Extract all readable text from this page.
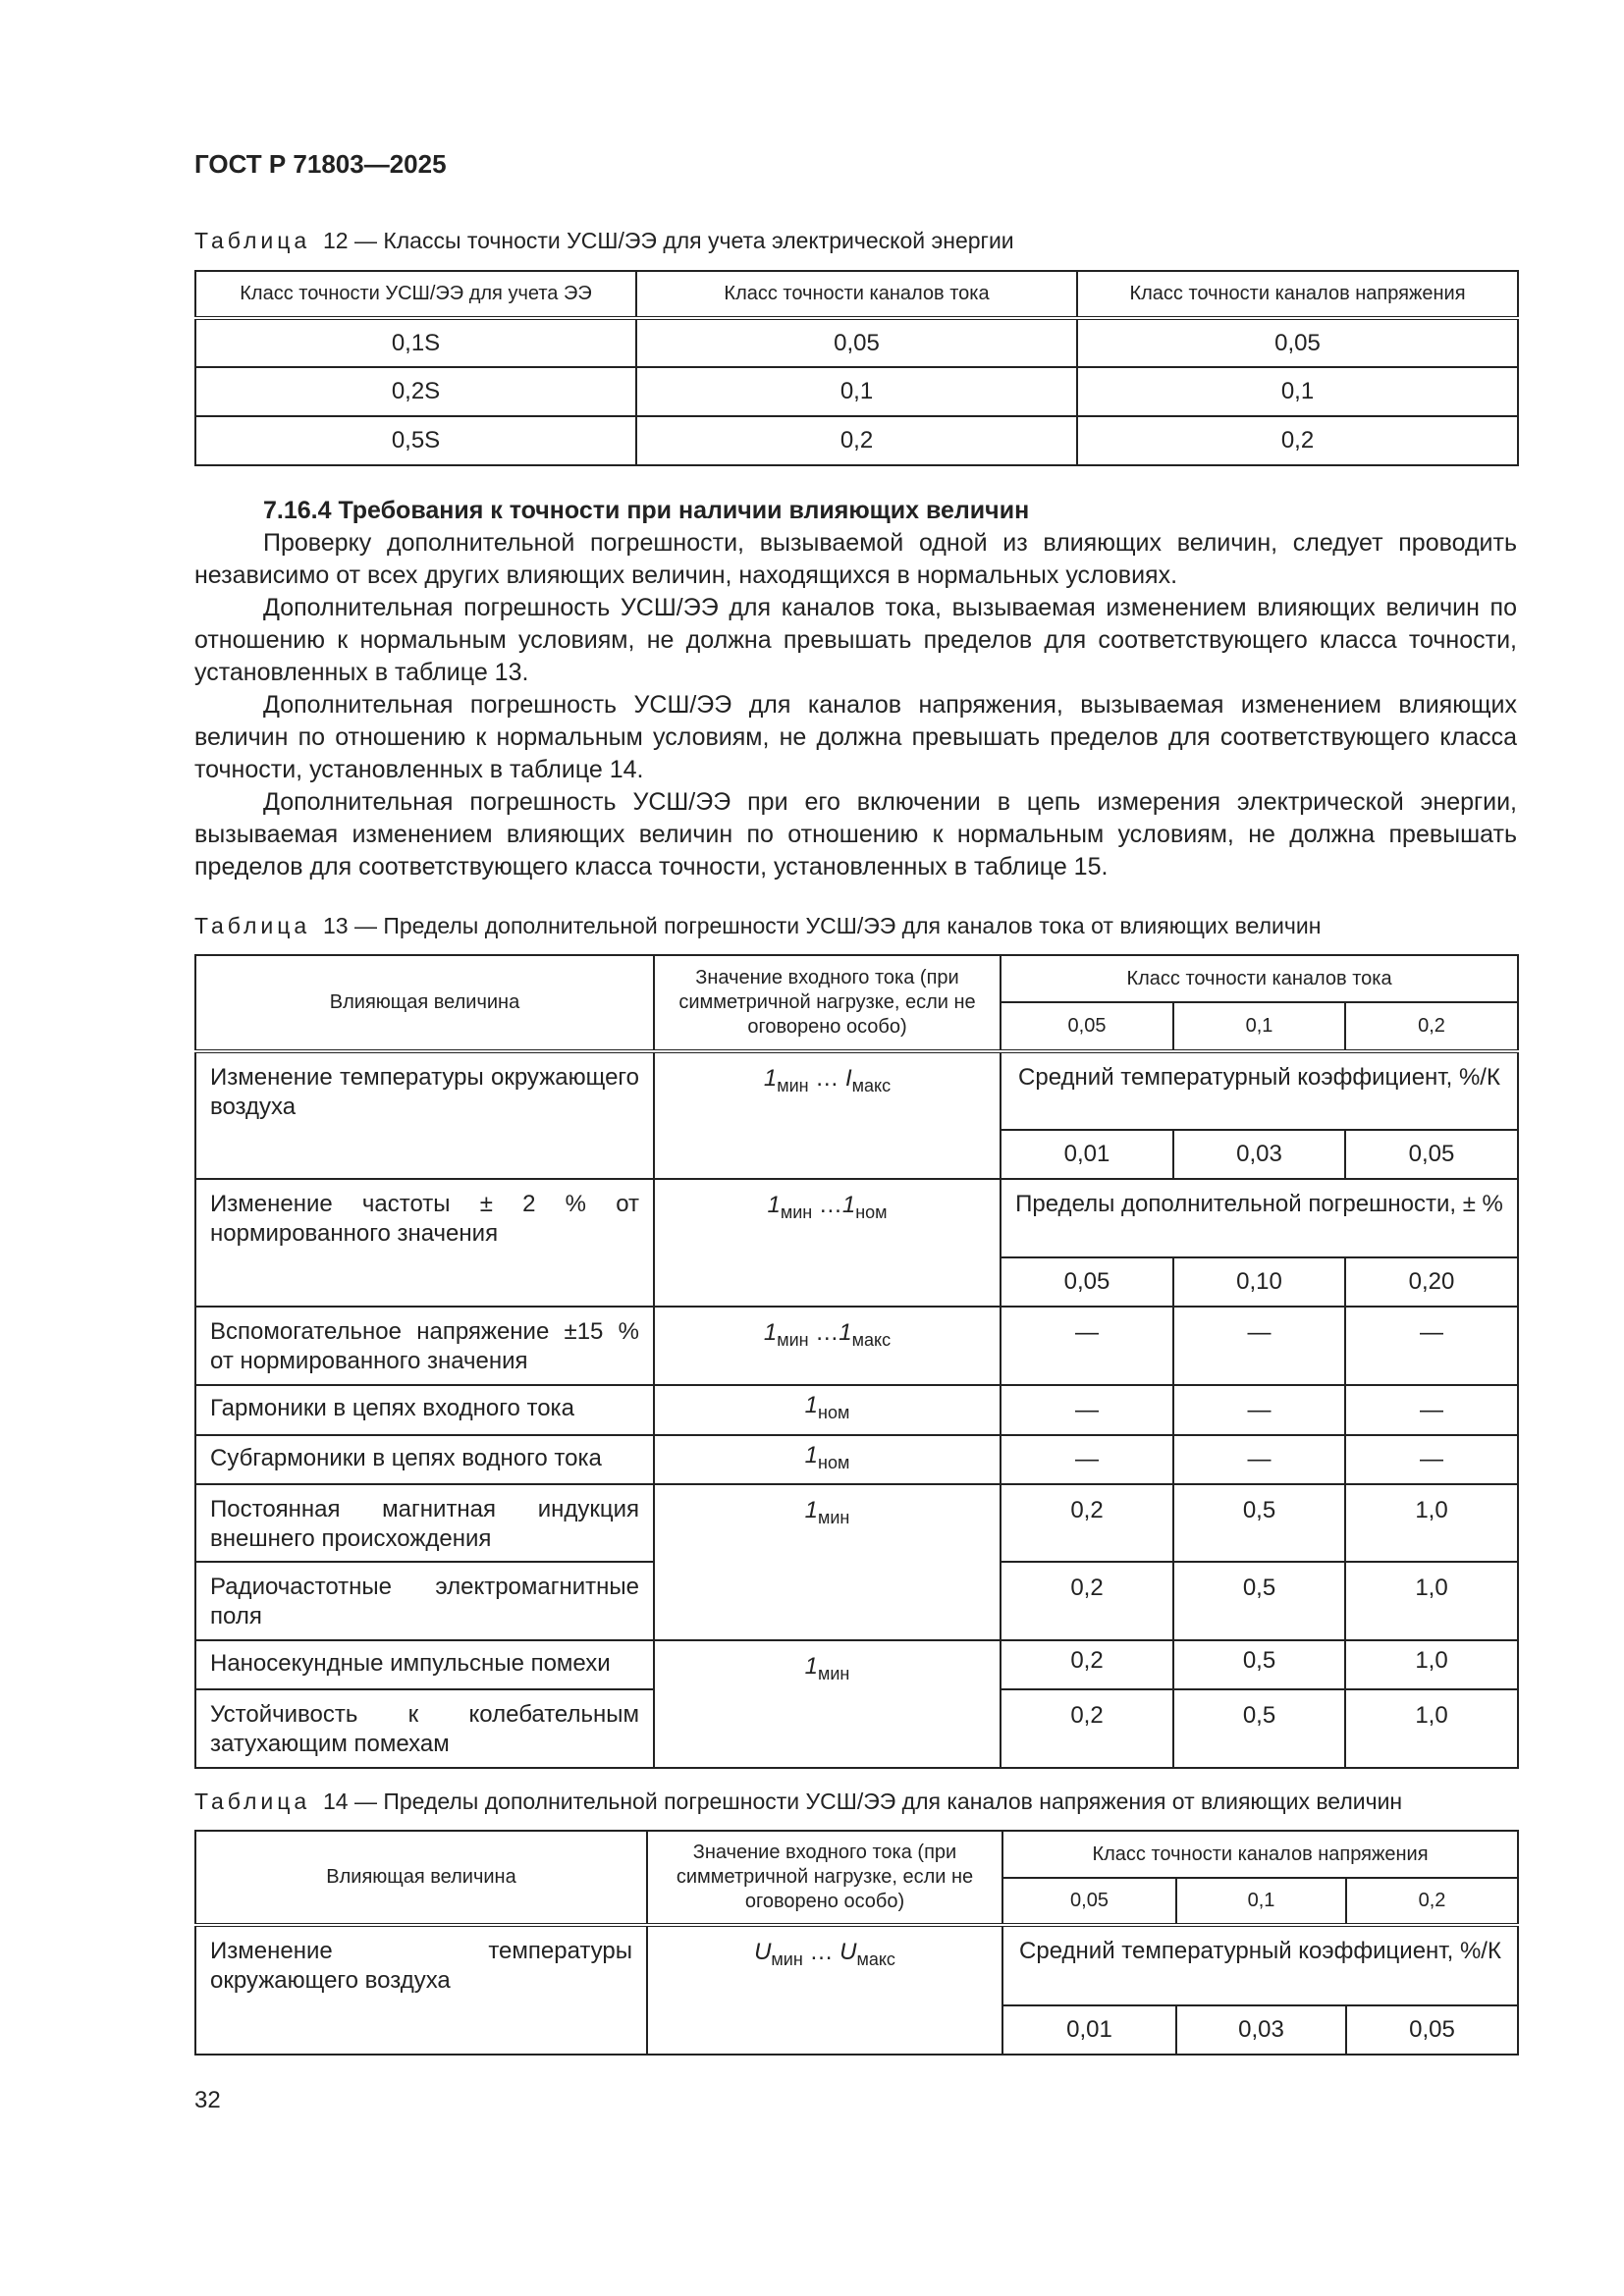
ГОСТ Р 71803—2025
Таблица 12 — Классы точности УСШ/ЭЭ для учета электрической энергии
Класс точности УСШ/ЭЭ для учета ЭЭ	Класс точности каналов тока	Класс точности каналов напряжения
0,1S	0,05	0,05
0,2S	0,1	0,1
0,5S	0,2	0,2
7.16.4 Требования к точности при наличии влияющих величин

Проверку дополнительной погрешности, вызываемой одной из влияющих величин, следует проводить независимо от всех других влияющих величин, находящихся в нормальных условиях.

Дополнительная погрешность УСШ/ЭЭ для каналов тока, вызываемая изменением влияющих величин по отношению к нормальным условиям, не должна превышать пределов для соответствующего класса точности, установленных в таблице 13.

Дополнительная погрешность УСШ/ЭЭ для каналов напряжения, вызываемая изменением влияющих величин по отношению к нормальным условиям, не должна превышать пределов для соответствующего класса точности, установленных в таблице 14.

Дополнительная погрешность УСШ/ЭЭ при его включении в цепь измерения электрической энергии, вызываемая изменением влияющих величин по отношению к нормальным условиям, не должна превышать пределов для соответствующего класса точности, установленных в таблице 15.

Таблица 13 — Пределы дополнительной погрешности УСШ/ЭЭ для каналов тока от влияющих величин
Влияющая величина	Значение входного тока (при симметричной нагрузке, если не оговорено особо)	Класс точности каналов тока		
		0,05	0,1	0,2
Изменение температуры окружающего воздуха	$1_{мин}$ … $I_{макс}$	Средний температурный коэффициент, %/К		
		0,01	0,03	0,05
Изменение частоты ± 2 % от нормированного значения	$1_{мин}$ $\dots 1_{ном}$	Пределы дополнительной погрешности, ± %		
		0,05	0,10	0,20
Вспомогательное напряжение ±15 % от нормированного значения	$1_{мин}$ $\dots 1_{макс}$	—	—	—
Гармоники в цепях входного тока	$1_{ном}$	—	—	—
Субгармоники в цепях водного тока	$1_{ном}$	—	—	—
Постоянная магнитная индукция внешнего происхождения	$1_{мин}$	0,2	0,5	1,0
Радиочастотные электромагнитные поля		0,2	0,5	1,0
Наносекундные импульсные помехи	$1_{мин}$	0,2	0,5	1,0
Устойчивость к колебательным затухающим помехам		0,2	0,5	1,0
Таблица 14 — Пределы дополнительной погрешности УСШ/ЭЭ для каналов напряжения от влияющих величин
Влияющая величина	Значение входного тока (при симметричной нагрузке, если не оговорено особо)	Класс точности каналов напряжения		
		0,05	0,1	0,2
Изменение температуры окружающего воздуха	$U_{мин}$ … $U_{макс}$	Средний температурный коэффициент, %/К		
		0,01	0,03	0,05
32
